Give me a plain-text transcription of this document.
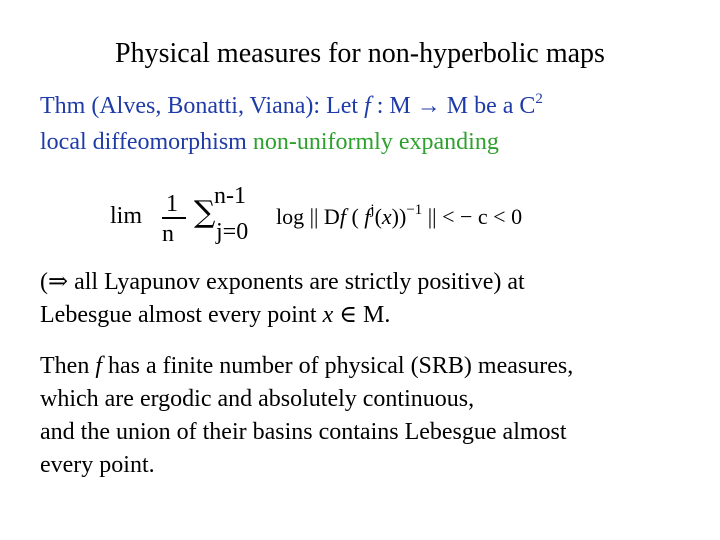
Physical measures for non-hyperbolic maps
Thm (Alves, Bonatti, Viana): Let f : M → M be a $C^2$
local diffeomorphism non-uniformly expanding
lim 1
n
∑
n-1
j=0
log || Df ( $f^j(x))^{-1}$ || < − c < 0
(⇒ all Lyapunov exponents are strictly positive) at
Lebesgue almost every point x ∈ M.
Then f has a finite number of physical (SRB) measures,
which are ergodic and absolutely continuous,
and the union of their basins contains Lebesgue almost
every point.
